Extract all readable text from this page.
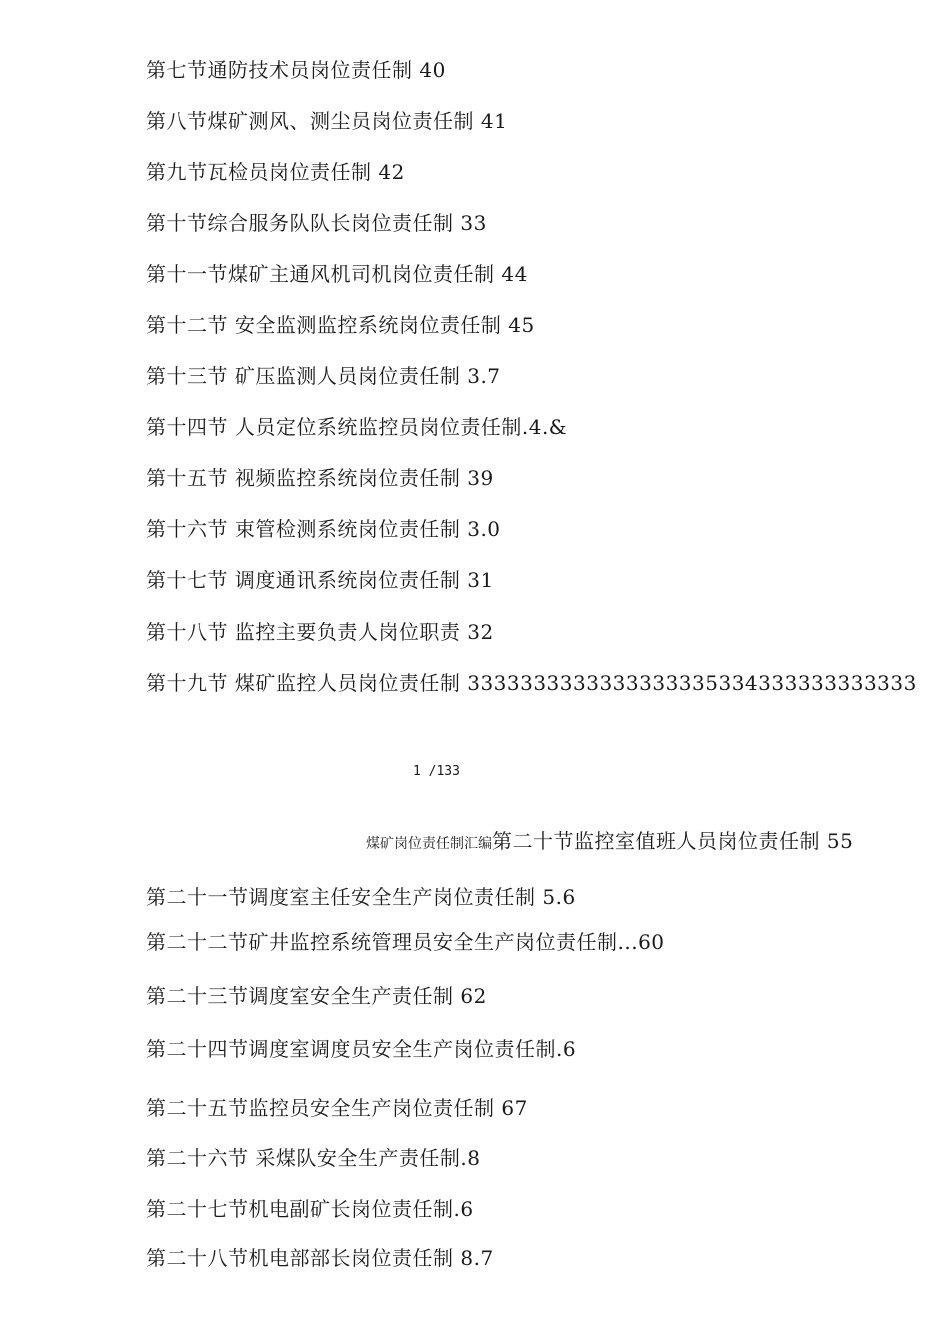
第七节通防技术员岗位责任制 40
第八节煤矿测风、测尘员岗位责任制 41
第九节瓦检员岗位责任制 42
第十节综合服务队队长岗位责任制 33
第十一节煤矿主通风机司机岗位责任制 44
第十二节 安全监测监控系统岗位责任制 45
第十三节 矿压监测人员岗位责任制 3.7
第十四节 人员定位系统监控员岗位责任制.4.&
第十五节 视频监控系统岗位责任制 39
第十六节 束管检测系统岗位责任制 3.0
第十七节 调度通讯系统岗位责任制 31
第十八节 监控主要负责人岗位职责 32
第十九节 煤矿监控人员岗位责任制 3333333333333333335334333333333333
1 /133
煤矿岗位责任制汇编第二十节监控室值班人员岗位责任制 55
第二十一节调度室主任安全生产岗位责任制 5.6
第二十二节矿井监控系统管理员安全生产岗位责任制...60
第二十三节调度室安全生产责任制 62
第二十四节调度室调度员安全生产岗位责任制.6
第二十五节监控员安全生产岗位责任制 67
第二十六节 采煤队安全生产责任制.8
第二十七节机电副矿长岗位责任制.6
第二十八节机电部部长岗位责任制 8.7
